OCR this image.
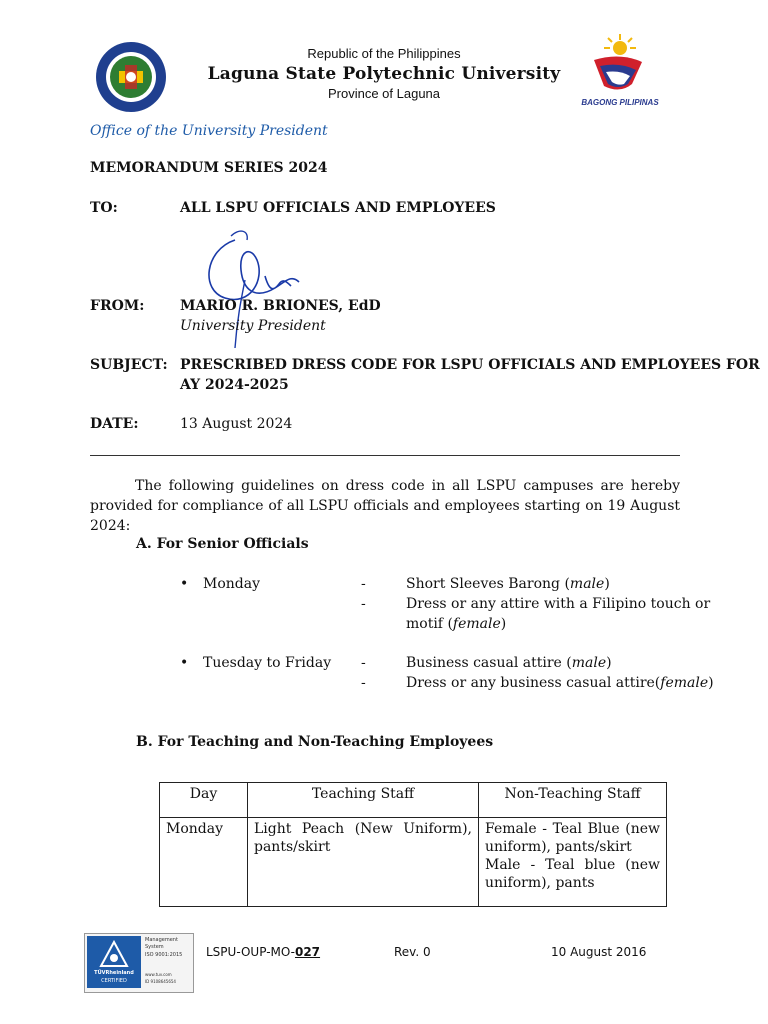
Republic of the Philippines
Laguna State Polytechnic University
Province of Laguna
BAGONG PILIPINAS
Office of the University President
MEMORANDUM SERIES 2024
TO:	ALL LSPU OFFICIALS AND EMPLOYEES
FROM:	MARIO R. BRIONES, EdD
University President
SUBJECT: PRESCRIBED DRESS CODE FOR LSPU OFFICIALS AND EMPLOYEES FOR
AY 2024-2025
DATE:	13 August 2024

The following guidelines on dress code in all LSPU campuses are hereby provided for compliance of all LSPU officials and employees starting on 19 August 2024:

A. For Senior Officials
• Monday	-	Short Sleeves Barong (male)
-	Dress or any attire with a Filipino touch or
motif (female)
• Tuesday to Friday -	Business casual attire (male)
-	Dress or any business casual attire(female)
B. For Teaching and Non-Teaching Employees
Day	Teaching Staff	Non-Teaching Staff
Monday	Light Peach (New Uniform), pants/skirt	Female - Teal Blue (new uniform), pants/skirt
Male - Teal blue (new uniform), pants
TÜVRheinland
CERTIFIED
Management
System
ISO 9001:2015
www.tuv.com
ID 9108645654
LSPU-OUP-MO-027	Rev. 0	10 August 2016
